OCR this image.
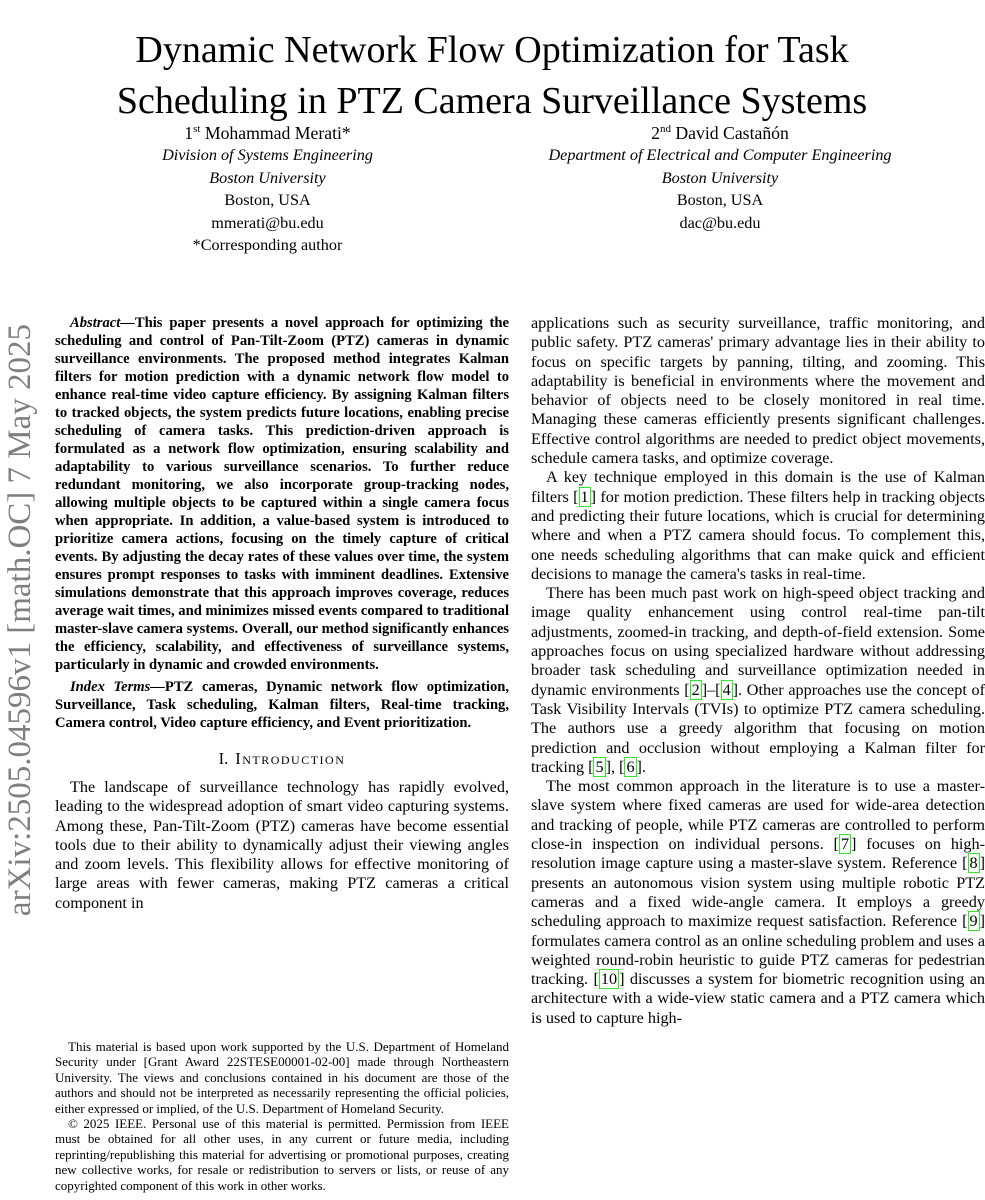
arXiv:2505.04596v1 [math.OC] 7 May 2025
Dynamic Network Flow Optimization for Task Scheduling in PTZ Camera Surveillance Systems
1st Mohammad Merati*
Division of Systems Engineering
Boston University
Boston, USA
mmerati@bu.edu
*Corresponding author
2nd David Castañón
Department of Electrical and Computer Engineering
Boston University
Boston, USA
dac@bu.edu

Abstract—This paper presents a novel approach for optimizing the scheduling and control of Pan-Tilt-Zoom (PTZ) cameras in dynamic surveillance environments. The proposed method integrates Kalman filters for motion prediction with a dynamic network flow model to enhance real-time video capture efficiency. By assigning Kalman filters to tracked objects, the system predicts future locations, enabling precise scheduling of camera tasks. This prediction-driven approach is formulated as a network flow optimization, ensuring scalability and adaptability to various surveillance scenarios. To further reduce redundant monitoring, we also incorporate group-tracking nodes, allowing multiple objects to be captured within a single camera focus when appropriate. In addition, a value-based system is introduced to prioritize camera actions, focusing on the timely capture of critical events. By adjusting the decay rates of these values over time, the system ensures prompt responses to tasks with imminent deadlines. Extensive simulations demonstrate that this approach improves coverage, reduces average wait times, and minimizes missed events compared to traditional master-slave camera systems. Overall, our method significantly enhances the efficiency, scalability, and effectiveness of surveillance systems, particularly in dynamic and crowded environments.

Index Terms—PTZ cameras, Dynamic network flow optimization, Surveillance, Task scheduling, Kalman filters, Real-time tracking, Camera control, Video capture efficiency, and Event prioritization.

I. Introduction

The landscape of surveillance technology has rapidly evolved, leading to the widespread adoption of smart video capturing systems. Among these, Pan-Tilt-Zoom (PTZ) cameras have become essential tools due to their ability to dynamically adjust their viewing angles and zoom levels. This flexibility allows for effective monitoring of large areas with fewer cameras, making PTZ cameras a critical component in

This material is based upon work supported by the U.S. Department of Homeland Security under [Grant Award 22STESE00001-02-00] made through Northeastern University. The views and conclusions contained in his document are those of the authors and should not be interpreted as necessarily representing the official policies, either expressed or implied, of the U.S. Department of Homeland Security.

© 2025 IEEE. Personal use of this material is permitted. Permission from IEEE must be obtained for all other uses, in any current or future media, including reprinting/republishing this material for advertising or promotional purposes, creating new collective works, for resale or redistribution to servers or lists, or reuse of any copyrighted component of this work in other works.

applications such as security surveillance, traffic monitoring, and public safety. PTZ cameras' primary advantage lies in their ability to focus on specific targets by panning, tilting, and zooming. This adaptability is beneficial in environments where the movement and behavior of objects need to be closely monitored in real time. Managing these cameras efficiently presents significant challenges. Effective control algorithms are needed to predict object movements, schedule camera tasks, and optimize coverage.

A key technique employed in this domain is the use of Kalman filters [ 1 ] for motion prediction. These filters help in tracking objects and predicting their future locations, which is crucial for determining where and when a PTZ camera should focus. To complement this, one needs scheduling algorithms that can make quick and efficient decisions to manage the camera's tasks in real-time.

There has been much past work on high-speed object tracking and image quality enhancement using control real-time pan-tilt adjustments, zoomed-in tracking, and depth-of-field extension. Some approaches focus on using specialized hardware without addressing broader task scheduling and surveillance optimization needed in dynamic environments [ 2 ]–[ 4 ]. Other approaches use the concept of Task Visibility Intervals (TVIs) to optimize PTZ camera scheduling. The authors use a greedy algorithm that focusing on motion prediction and occlusion without employing a Kalman filter for tracking [ 5 ], [ 6 ].

The most common approach in the literature is to use a master-slave system where fixed cameras are used for wide-area detection and tracking of people, while PTZ cameras are controlled to perform close-in inspection on individual persons. [ 7 ] focuses on high-resolution image capture using a master-slave system. Reference [ 8 ] presents an autonomous vision system using multiple robotic PTZ cameras and a fixed wide-angle camera. It employs a greedy scheduling approach to maximize request satisfaction. Reference [ 9 ] formulates camera control as an online scheduling problem and uses a weighted round-robin heuristic to guide PTZ cameras for pedestrian tracking. [ 10 ] discusses a system for biometric recognition using an architecture with a wide-view static camera and a PTZ camera which is used to capture high-
